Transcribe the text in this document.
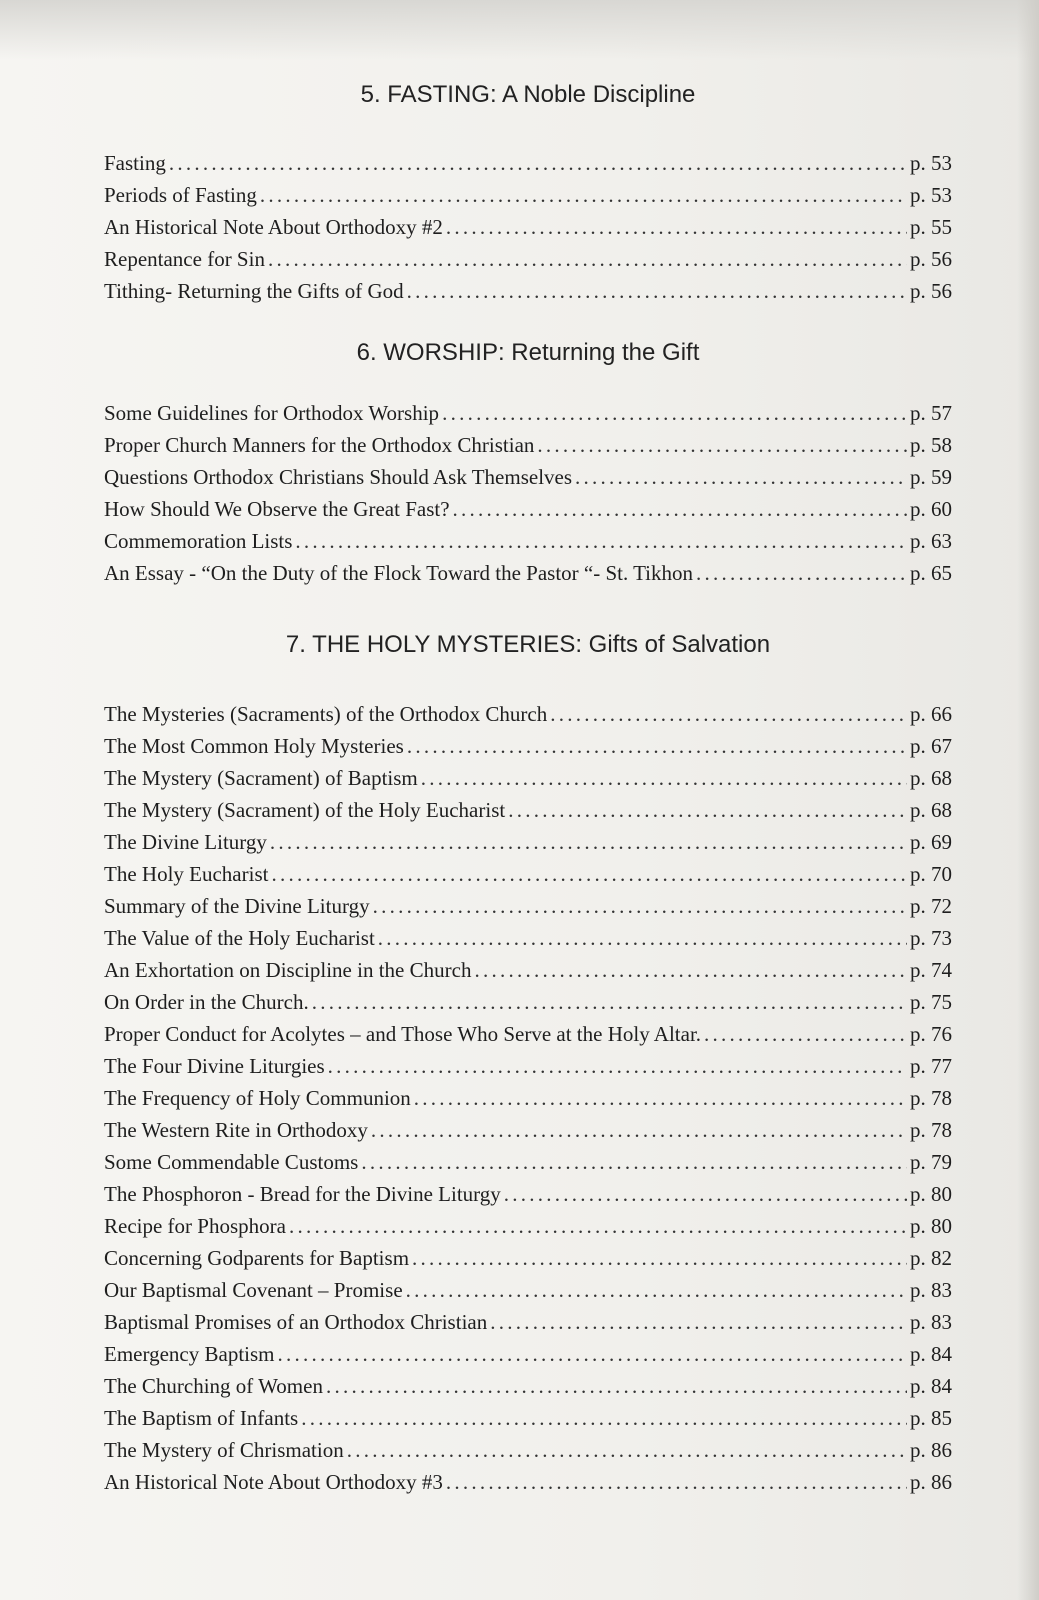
5. FASTING: A Noble Discipline
Fasting . . .	p. 53
Periods of Fasting . . .	p. 53
An Historical Note About Orthodoxy #2 . . .	p. 55
Repentance for Sin . . .	p. 56
Tithing- Returning the Gifts of God . . .	p. 56
6. WORSHIP: Returning the Gift
Some Guidelines for Orthodox Worship . . .	p. 57
Proper Church Manners for the Orthodox Christian . . .	p. 58
Questions Orthodox Christians Should Ask Themselves . . .	p. 59
How Should We Observe the Great Fast? . . .	p. 60
Commemoration Lists . . .	p. 63
An Essay - “On the Duty of the Flock Toward the Pastor “- St. Tikhon . . .	p. 65
7. THE HOLY MYSTERIES: Gifts of Salvation
The Mysteries (Sacraments) of the Orthodox Church . . .	p. 66
The Most Common Holy Mysteries . . .	p. 67
The Mystery (Sacrament) of Baptism . . .	p. 68
The Mystery (Sacrament) of the Holy Eucharist . . .	p. 68
The Divine Liturgy . . .	p. 69
The Holy Eucharist . . .	p. 70
Summary of the Divine Liturgy . . .	p. 72
The Value of the Holy Eucharist . . .	p. 73
An Exhortation on Discipline in the Church . . .	p. 74
On Order in the Church. . . .	p. 75
Proper Conduct for Acolytes – and Those Who Serve at the Holy Altar. . . .	p. 76
The Four Divine Liturgies . . .	p. 77
The Frequency of Holy Communion . . .	p. 78
The Western Rite in Orthodoxy . . .	p. 78
Some Commendable Customs . . .	p. 79
The Phosphoron - Bread for the Divine Liturgy . . .	p. 80
Recipe for Phosphora . . .	p. 80
Concerning Godparents for Baptism . . .	p. 82
Our Baptismal Covenant – Promise . . .	p. 83
Baptismal Promises of an Orthodox Christian . . .	p. 83
Emergency Baptism . . .	p. 84
The Churching of Women . . .	p. 84
The Baptism of Infants . . .	p. 85
The Mystery of Chrismation . . .	p. 86
An Historical Note About Orthodoxy #3 . . .	p. 86
